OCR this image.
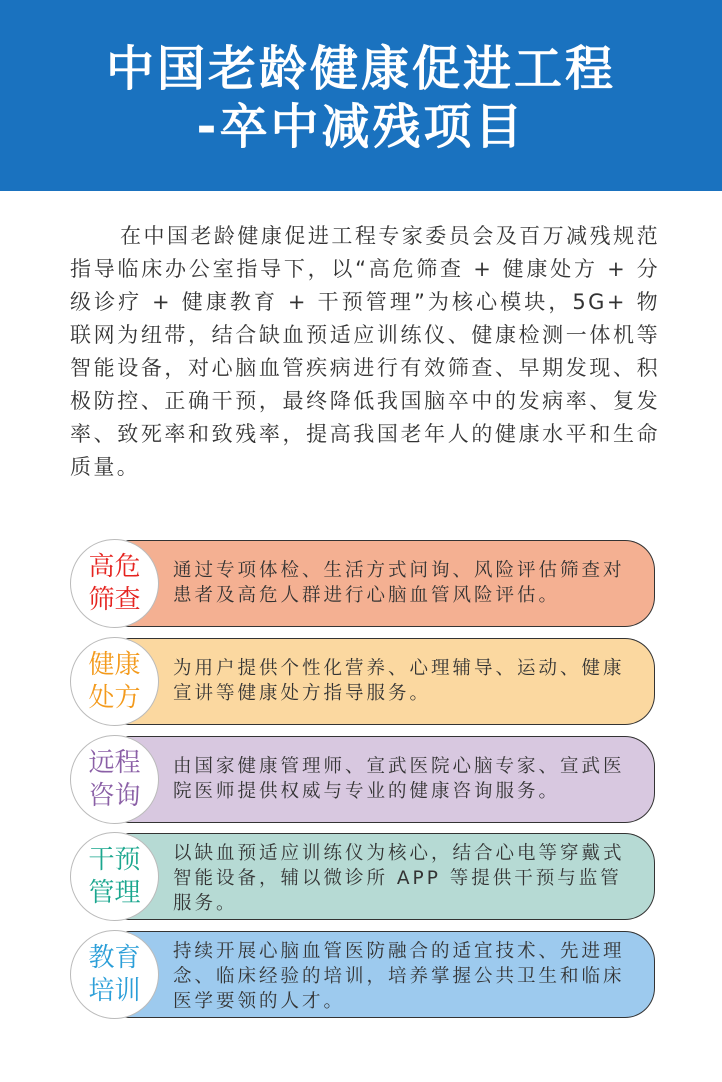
中国老龄健康促进工程
-卒中减残项目

在中国老龄健康促进工程专家委员会及百万减残规范指导临床办公室指导下，以“高危筛查 + 健康处方 + 分级诊疗 + 健康教育 + 干预管理”为核心模块，5G+ 物联网为纽带，结合缺血预适应训练仪、健康检测一体机等智能设备，对心脑血管疾病进行有效筛查、早期发现、积极防控、正确干预，最终降低我国脑卒中的发病率、复发率、致死率和致残率，提高我国老年人的健康水平和生命质量。

高危
筛查
通过专项体检、生活方式问询、风险评估筛查对患者及高危人群进行心脑血管风险评估。
健康
处方
为用户提供个性化营养、心理辅导、运动、健康宣讲等健康处方指导服务。
远程
咨询
由国家健康管理师、宣武医院心脑专家、宣武医院医师提供权威与专业的健康咨询服务。
干预
管理
以缺血预适应训练仪为核心，结合心电等穿戴式智能设备，辅以微诊所 APP 等提供干预与监管服务。
教育
培训
持续开展心脑血管医防融合的适宜技术、先进理念、临床经验的培训，培养掌握公共卫生和临床医学要领的人才。
